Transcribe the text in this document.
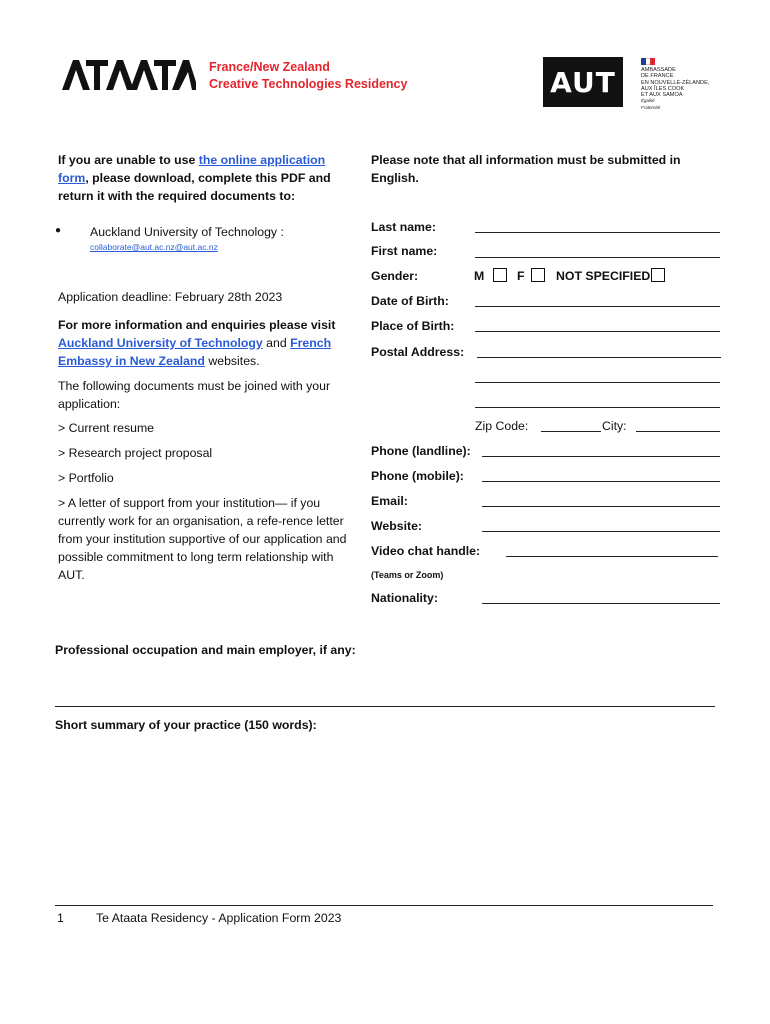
France/New Zealand
Creative Technologies Residency	AUT	AMBASSADE
DE FRANCE
EN NOUVELLE-ZÉLANDE,
AUX ÎLES COOK
ET AUX SAMOA
Égalité
Fraternité
If you are unable to use the online application form, please download, complete this PDF and return it with the required documents to:
● Auckland University of Technology :
collaborate@aut.ac.nz@aut.ac.nz
Application deadline: February 28th 2023
For more information and enquiries please visit Auckland University of Technology and French Embassy in New Zealand websites.
The following documents must be joined with your application:
> Current resume
> Research project proposal
> Portfolio
> A letter of support from your institution— if you currently work for an organisation, a refe-rence letter from your institution supportive of our application and possible commitment to long term relationship with AUT.
Please note that all information must be submitted in English.
Last name:
First name:
Gender:	M	F	NOT SPECIFIED
Date of Birth:
Place of Birth:
Postal Address:
Zip Code:	City:
Phone (landline):
Phone (mobile):
Email:
Website:
Video chat handle:
(Teams or Zoom)
Nationality:
Professional occupation and main employer, if any:
Short summary of your practice (150 words):
1	Te Ataata Residency - Application Form 2023
